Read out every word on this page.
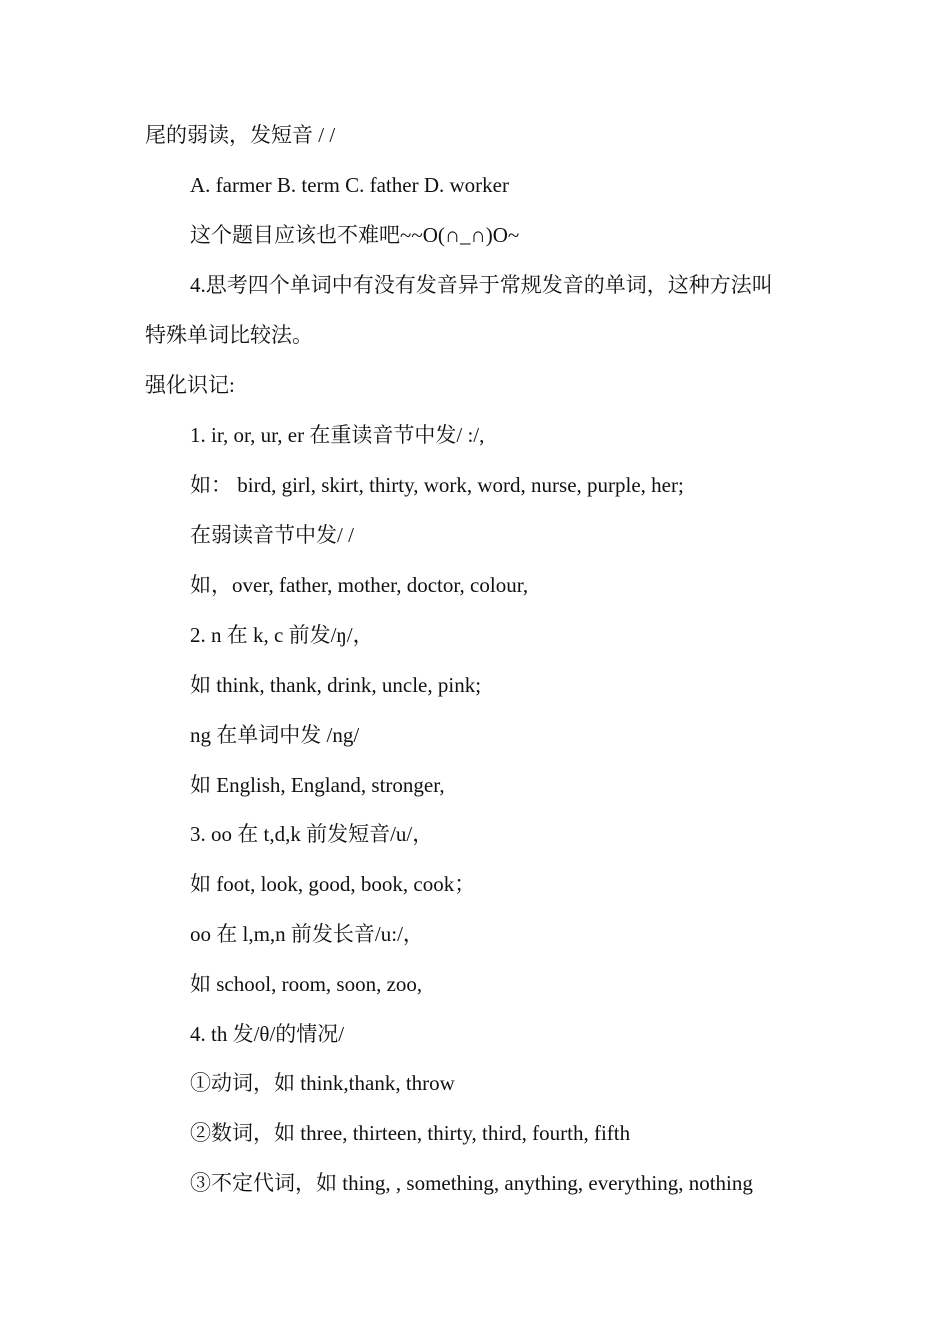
尾的弱读，发短音 / /
A. farmer B. term C. father D. worker
这个题目应该也不难吧~~O(∩_∩)O~
4.思考四个单词中有没有发音异于常规发音的单词，这种方法叫
特殊单词比较法。
强化识记:
1. ir, or, ur, er 在重读音节中发/ :/,
如： bird, girl, skirt, thirty, work, word, nurse, purple, her;
在弱读音节中发/ /
如，over, father, mother, doctor, colour,
2. n 在 k, c 前发/ŋ/，
如 think, thank, drink, uncle, pink;
ng 在单词中发 /ng/
如 English, England, stronger,
3. oo 在 t,d,k 前发短音/u/，
如 foot, look, good, book, cook；
oo 在 l,m,n 前发长音/u:/，
如 school, room, soon, zoo,
4. th 发/θ/的情况/
①动词，如 think,thank, throw
②数词，如 three, thirteen, thirty, third, fourth, fifth
③不定代词，如 thing, , something, anything, everything, nothing
